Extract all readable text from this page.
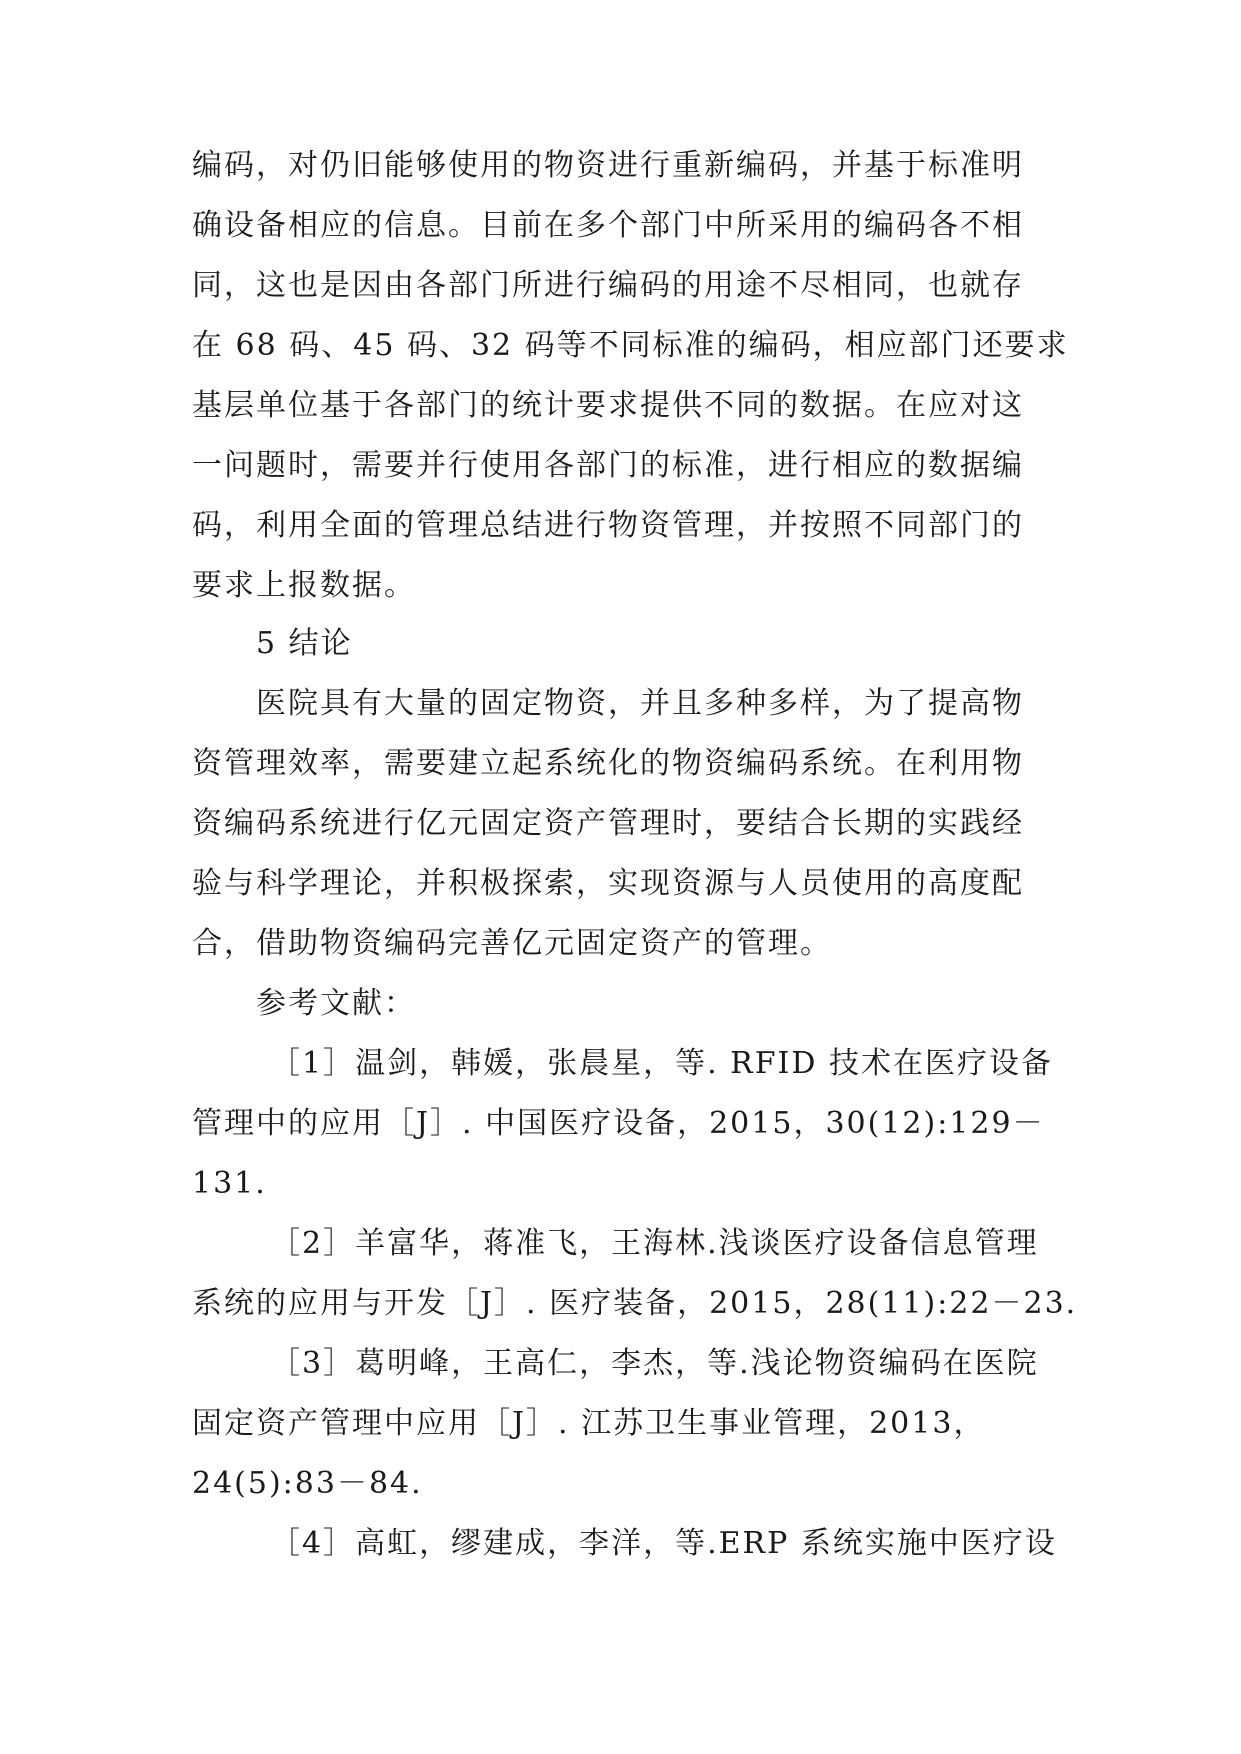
编码，对仍旧能够使用的物资进行重新编码，并基于标准明
确设备相应的信息。目前在多个部门中所采用的编码各不相
同，这也是因由各部门所进行编码的用途不尽相同，也就存
在 68 码、45 码、32 码等不同标准的编码，相应部门还要求
基层单位基于各部门的统计要求提供不同的数据。在应对这
一问题时，需要并行使用各部门的标准，进行相应的数据编
码，利用全面的管理总结进行物资管理，并按照不同部门的
要求上报数据。
5 结论
医院具有大量的固定物资，并且多种多样，为了提高物
资管理效率，需要建立起系统化的物资编码系统。在利用物
资编码系统进行亿元固定资产管理时，要结合长期的实践经
验与科学理论，并积极探索，实现资源与人员使用的高度配
合，借助物资编码完善亿元固定资产的管理。
参考文献：
［1］温剑，韩媛，张晨星，等. RFID 技术在医疗设备
管理中的应用［J］. 中国医疗设备，2015，30(12):129－
131.
［2］羊富华，蒋准飞，王海林.浅谈医疗设备信息管理
系统的应用与开发［J］. 医疗装备，2015，28(11):22－23.
［3］葛明峰，王高仁，李杰，等.浅论物资编码在医院
固定资产管理中应用［J］. 江苏卫生事业管理，2013，
24(5):83－84.
［4］高虹，缪建成，李洋，等.ERP 系统实施中医疗设
